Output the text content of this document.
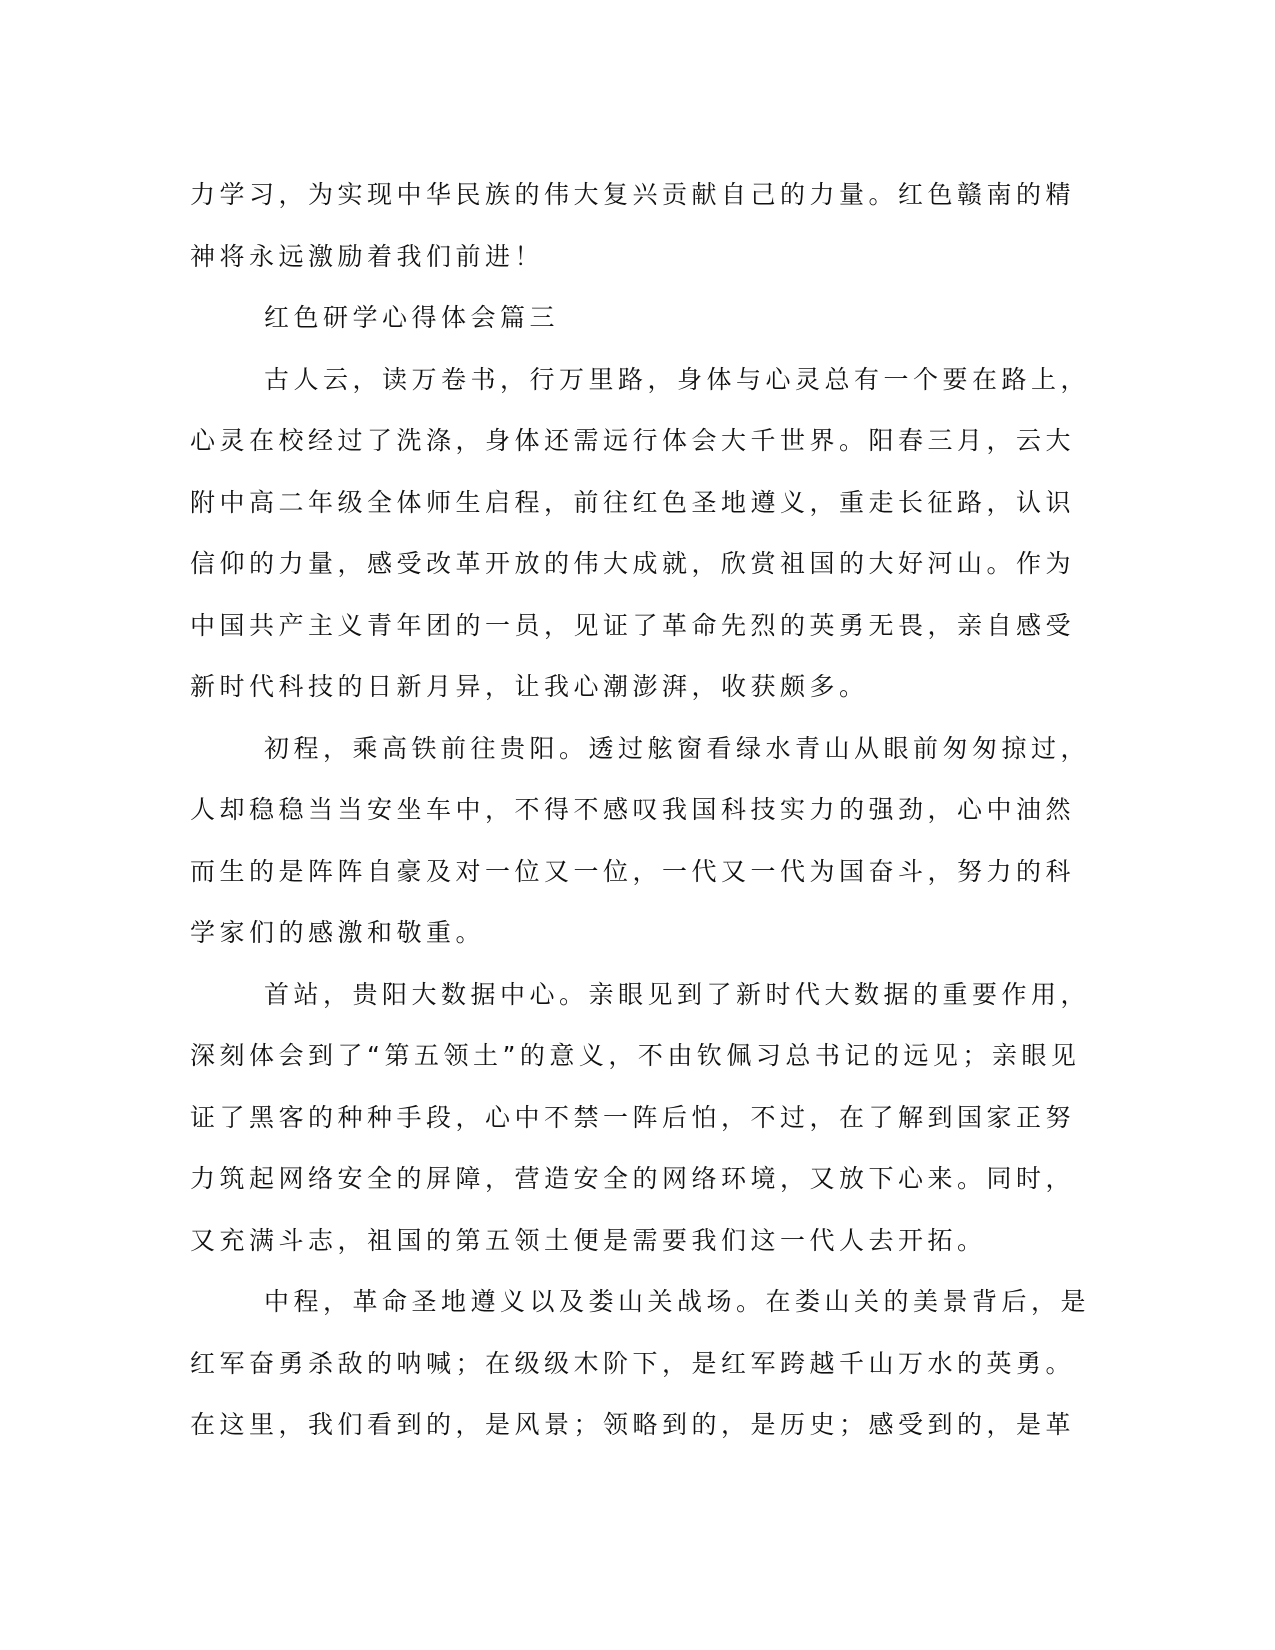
力学习，为实现中华民族的伟大复兴贡献自己的力量。红色赣南的精
神将永远激励着我们前进！
红色研学心得体会篇三
古人云，读万卷书，行万里路，身体与心灵总有一个要在路上，
心灵在校经过了洗涤，身体还需远行体会大千世界。阳春三月，云大
附中高二年级全体师生启程，前往红色圣地遵义，重走长征路，认识
信仰的力量，感受改革开放的伟大成就，欣赏祖国的大好河山。作为
中国共产主义青年团的一员，见证了革命先烈的英勇无畏，亲自感受
新时代科技的日新月异，让我心潮澎湃，收获颇多。
初程，乘高铁前往贵阳。透过舷窗看绿水青山从眼前匆匆掠过，
人却稳稳当当安坐车中，不得不感叹我国科技实力的强劲，心中油然
而生的是阵阵自豪及对一位又一位，一代又一代为国奋斗，努力的科
学家们的感激和敬重。
首站，贵阳大数据中心。亲眼见到了新时代大数据的重要作用，
深刻体会到了“第五领土”的意义，不由钦佩习总书记的远见；亲眼见
证了黑客的种种手段，心中不禁一阵后怕，不过，在了解到国家正努
力筑起网络安全的屏障，营造安全的网络环境，又放下心来。同时，
又充满斗志，祖国的第五领土便是需要我们这一代人去开拓。
中程，革命圣地遵义以及娄山关战场。在娄山关的美景背后，是
红军奋勇杀敌的呐喊；在级级木阶下，是红军跨越千山万水的英勇。
在这里，我们看到的，是风景；领略到的，是历史；感受到的，是革
